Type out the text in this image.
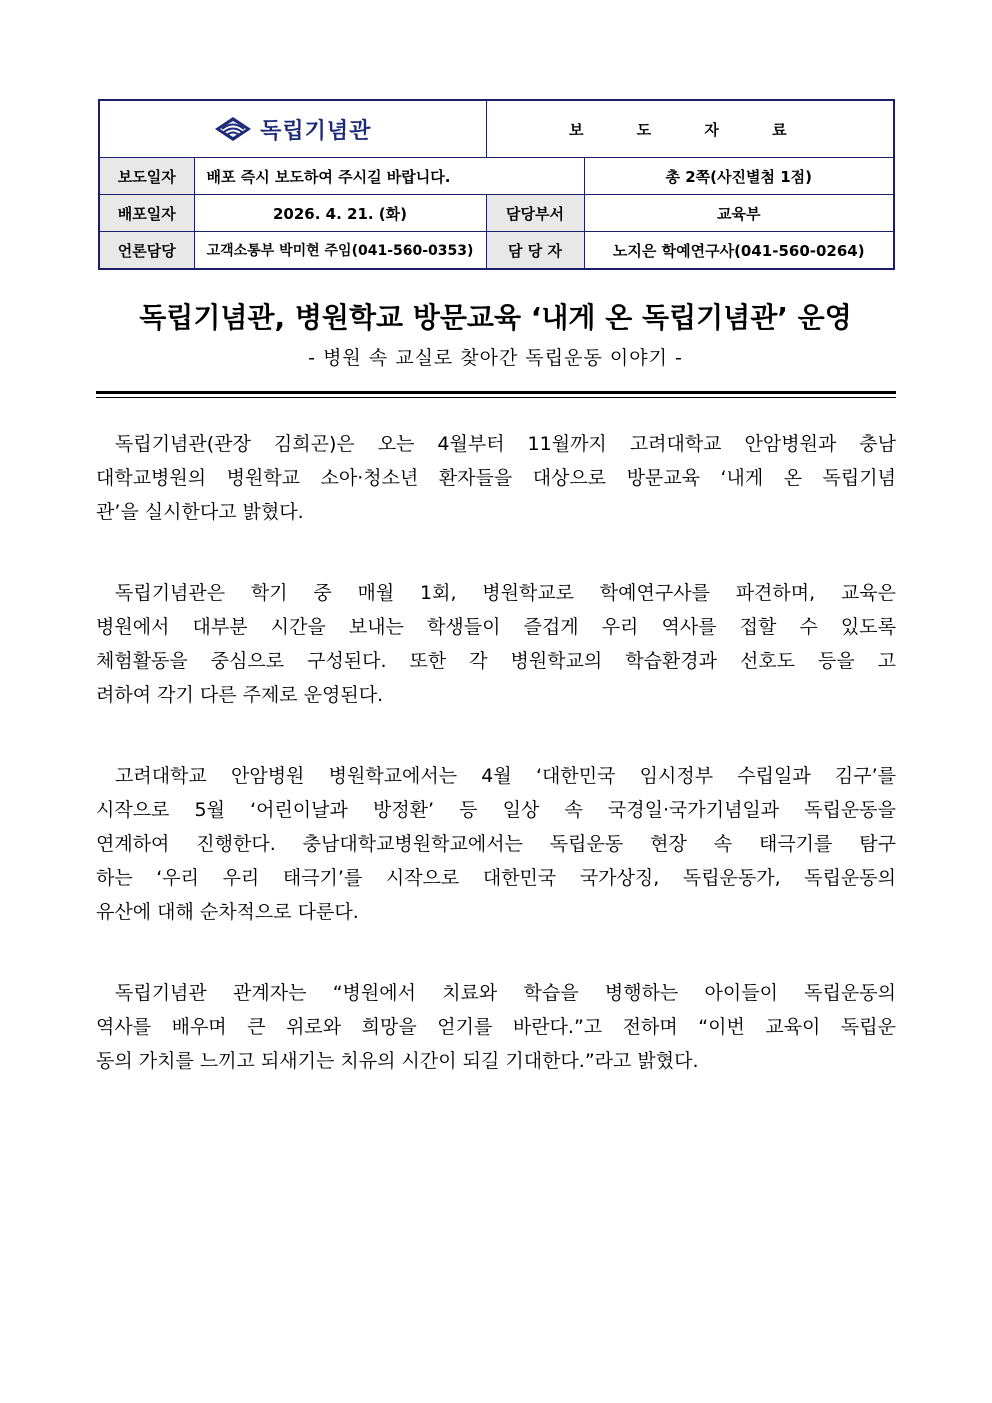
독립기념관		보 도 자 료	
보도일자	배포 즉시 보도하여 주시길 바랍니다.		총 2쪽(사진별첨 1점)
배포일자	2026. 4. 21. (화)	담당부서	교육부
언론담당	고객소통부 박미현 주임(041-560-0353)	담 당 자	노지은 학예연구사(041-560-0264)
독립기념관, 병원학교 방문교육 ‘내게 온 독립기념관’ 운영
- 병원 속 교실로 찾아간 독립운동 이야기 -
독립기념관(관장 김희곤)은 오는 4월부터 11월까지 고려대학교 안암병원과 충남
대학교병원의 병원학교 소아·청소년 환자들을 대상으로 방문교육 ‘내게 온 독립기념
관’을 실시한다고 밝혔다.
독립기념관은 학기 중 매월 1회, 병원학교로 학예연구사를 파견하며, 교육은
병원에서 대부분 시간을 보내는 학생들이 즐겁게 우리 역사를 접할 수 있도록
체험활동을 중심으로 구성된다. 또한 각 병원학교의 학습환경과 선호도 등을 고
려하여 각기 다른 주제로 운영된다.
고려대학교 안암병원 병원학교에서는 4월 ‘대한민국 임시정부 수립일과 김구’를
시작으로 5월 ‘어린이날과 방정환’ 등 일상 속 국경일·국가기념일과 독립운동을
연계하여 진행한다. 충남대학교병원학교에서는 독립운동 현장 속 태극기를 탐구
하는 ‘우리 우리 태극기’를 시작으로 대한민국 국가상징, 독립운동가, 독립운동의
유산에 대해 순차적으로 다룬다.
독립기념관 관계자는 “병원에서 치료와 학습을 병행하는 아이들이 독립운동의
역사를 배우며 큰 위로와 희망을 얻기를 바란다.”고 전하며 “이번 교육이 독립운
동의 가치를 느끼고 되새기는 치유의 시간이 되길 기대한다.”라고 밝혔다.
